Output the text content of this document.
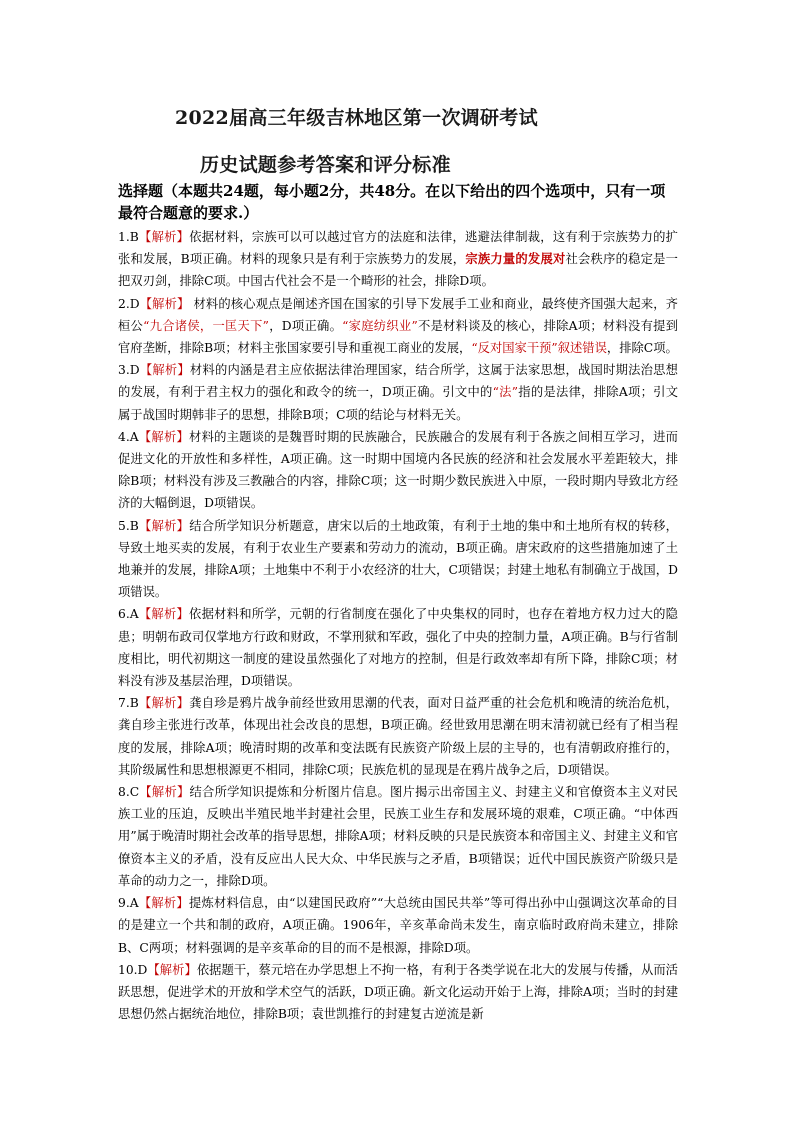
2022届高三年级吉林地区第一次调研考试
历史试题参考答案和评分标准

选择题（本题共24题，每小题2分，共48分。在以下给出的四个选项中，只有一项最符合题意的要求.）

1.B【解析】依据材料，宗族可以可以越过官方的法庭和法律，逃避法律制裁，这有利于宗族势力的扩张和发展，B项正确。材料的现象只是有利于宗族势力的发展，宗族力量的发展对社会秩序的稳定是一把双刃剑，排除C项。中国古代社会不是一个畸形的社会，排除D项。

2.D【解析】 材料的核心观点是阐述齐国在国家的引导下发展手工业和商业，最终使齐国强大起来，齐桓公“九合诸侯，一匡天下”，D项正确。“家庭纺织业”不是材料谈及的核心，排除A项；材料没有提到官府垄断，排除B项；材料主张国家要引导和重视工商业的发展，“反对国家干预”叙述错误，排除C项。

3.D【解析】材料的内涵是君主应依据法律治理国家，结合所学，这属于法家思想，战国时期法治思想的发展，有利于君主权力的强化和政令的统一，D项正确。引文中的“法”指的是法律，排除A项；引文属于战国时期韩非子的思想，排除B项；C项的结论与材料无关。

4.A【解析】材料的主题谈的是魏晋时期的民族融合，民族融合的发展有利于各族之间相互学习，进而促进文化的开放性和多样性，A项正确。这一时期中国境内各民族的经济和社会发展水平差距较大，排除B项；材料没有涉及三教融合的内容，排除C项；这一时期少数民族进入中原，一段时期内导致北方经济的大幅倒退，D项错误。

5.B【解析】结合所学知识分析题意，唐宋以后的土地政策，有利于土地的集中和土地所有权的转移，导致土地买卖的发展，有利于农业生产要素和劳动力的流动，B项正确。唐宋政府的这些措施加速了土地兼并的发展，排除A项；土地集中不利于小农经济的壮大，C项错误；封建土地私有制确立于战国，D项错误。

6.A【解析】依据材料和所学，元朝的行省制度在强化了中央集权的同时，也存在着地方权力过大的隐患；明朝布政司仅掌地方行政和财政，不掌刑狱和军政，强化了中央的控制力量，A项正确。B与行省制度相比，明代初期这一制度的建设虽然强化了对地方的控制，但是行政效率却有所下降，排除C项；材料没有涉及基层治理，D项错误。

7.B【解析】龚自珍是鸦片战争前经世致用思潮的代表，面对日益严重的社会危机和晚清的统治危机，龚自珍主张进行改革，体现出社会改良的思想，B项正确。经世致用思潮在明末清初就已经有了相当程度的发展，排除A项；晚清时期的改革和变法既有民族资产阶级上层的主导的，也有清朝政府推行的，其阶级属性和思想根源更不相同，排除C项；民族危机的显现是在鸦片战争之后，D项错误。

8.C【解析】结合所学知识提炼和分析图片信息。图片揭示出帝国主义、封建主义和官僚资本主义对民族工业的压迫，反映出半殖民地半封建社会里，民族工业生存和发展环境的艰难，C项正确。“中体西用”属于晚清时期社会改革的指导思想，排除A项；材料反映的只是民族资本和帝国主义、封建主义和官僚资本主义的矛盾，没有反应出人民大众、中华民族与之矛盾，B项错误；近代中国民族资产阶级只是革命的动力之一，排除D项。

9.A【解析】提炼材料信息，由“以建国民政府”“大总统由国民共举”等可得出孙中山强调这次革命的目的是建立一个共和制的政府，A项正确。1906年，辛亥革命尚未发生，南京临时政府尚未建立，排除B、C两项；材料强调的是辛亥革命的目的而不是根源，排除D项。

10.D【解析】依据题干，蔡元培在办学思想上不拘一格，有利于各类学说在北大的发展与传播，从而活跃思想，促进学术的开放和学术空气的活跃，D项正确。新文化运动开始于上海，排除A项；当时的封建思想仍然占据统治地位，排除B项；袁世凯推行的封建复古逆流是新
